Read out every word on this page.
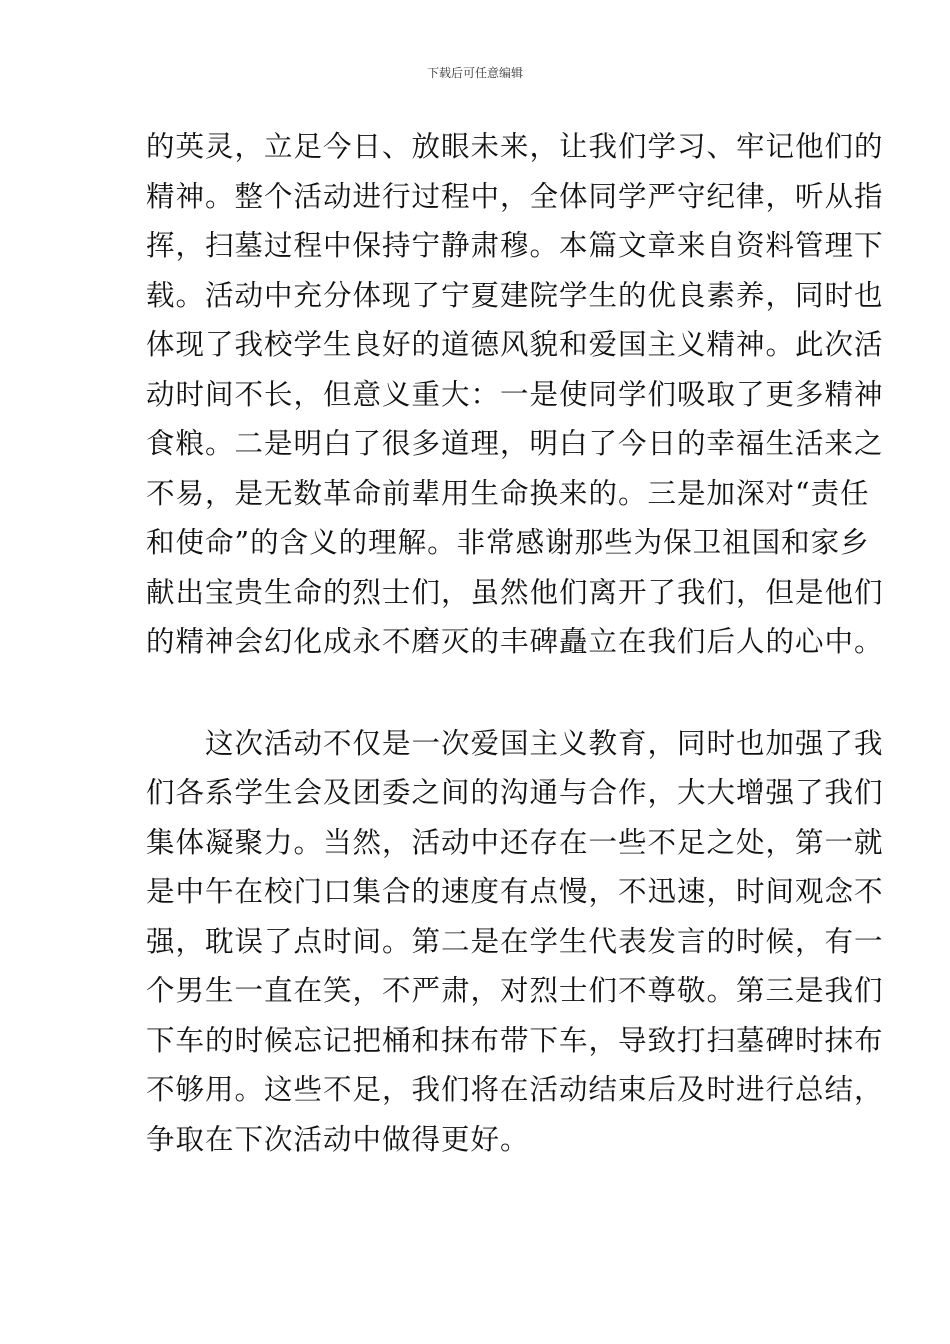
下载后可任意编辑

的英灵，立足今日、放眼未来，让我们学习、牢记他们的
精神。整个活动进行过程中，全体同学严守纪律，听从指
挥，扫墓过程中保持宁静肃穆。本篇文章来自资料管理下
载。活动中充分体现了宁夏建院学生的优良素养，同时也
体现了我校学生良好的道德风貌和爱国主义精神。此次活
动时间不长，但意义重大：一是使同学们吸取了更多精神
食粮。二是明白了很多道理，明白了今日的幸福生活来之
不易，是无数革命前辈用生命换来的。三是加深对“责任
和使命”的含义的理解。非常感谢那些为保卫祖国和家乡
献出宝贵生命的烈士们，虽然他们离开了我们，但是他们
的精神会幻化成永不磨灭的丰碑矗立在我们后人的心中。

　　这次活动不仅是一次爱国主义教育，同时也加强了我
们各系学生会及团委之间的沟通与合作，大大增强了我们
集体凝聚力。当然，活动中还存在一些不足之处，第一就
是中午在校门口集合的速度有点慢，不迅速，时间观念不
强，耽误了点时间。第二是在学生代表发言的时候，有一
个男生一直在笑，不严肃，对烈士们不尊敬。第三是我们
下车的时候忘记把桶和抹布带下车，导致打扫墓碑时抹布
不够用。这些不足，我们将在活动结束后及时进行总结，
争取在下次活动中做得更好。
